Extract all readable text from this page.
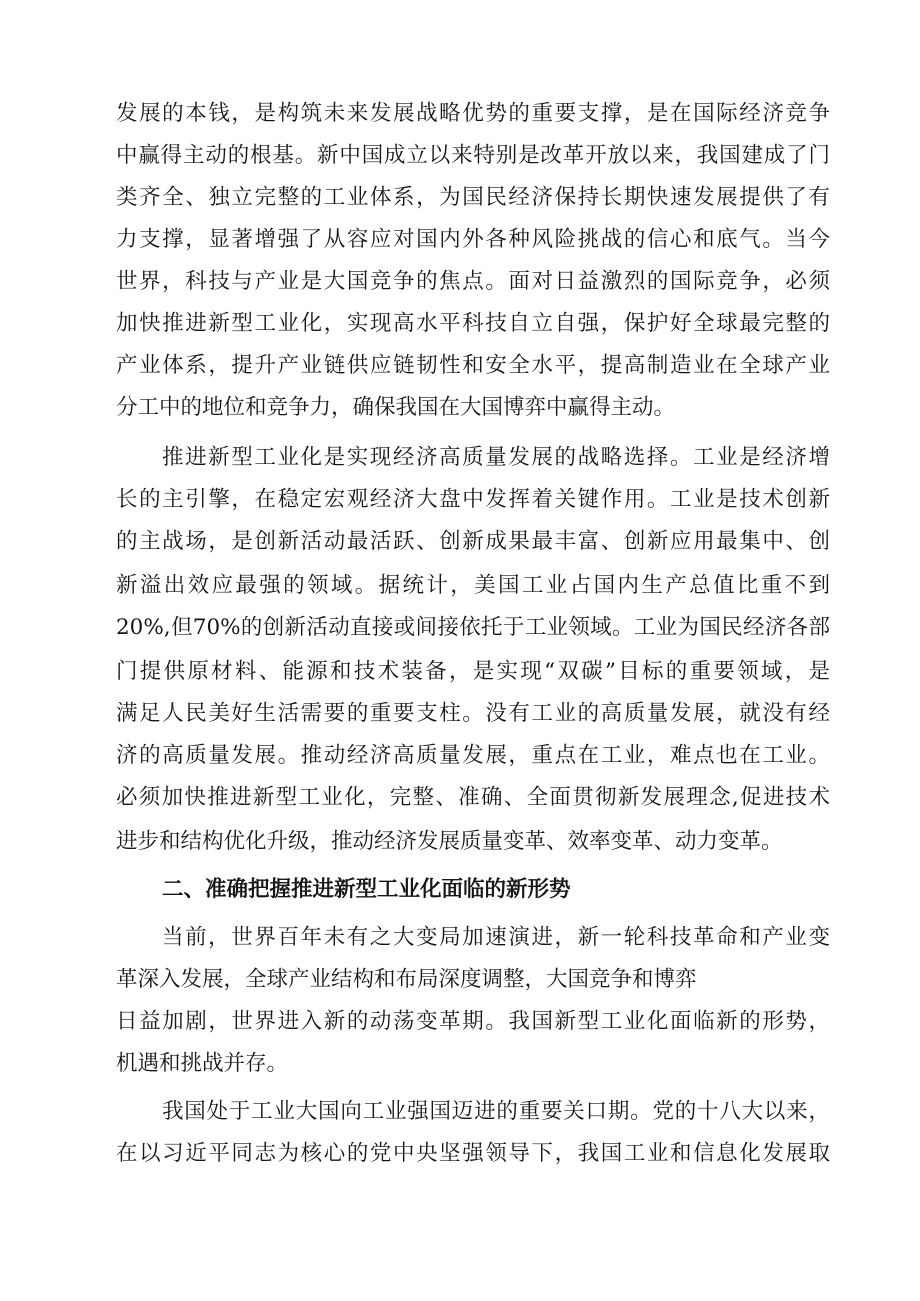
发展的本钱，是构筑未来发展战略优势的重要支撑，是在国际经济竞争

中赢得主动的根基。新中国成立以来特别是改革开放以来，我国建成了门

类齐全、独立完整的工业体系，为国民经济保持长期快速发展提供了有

力支撑，显著增强了从容应对国内外各种风险挑战的信心和底气。当今

世界，科技与产业是大国竞争的焦点。面对日益激烈的国际竞争，必须

加快推进新型工业化，实现高水平科技自立自强，保护好全球最完整的

产业体系，提升产业链供应链韧性和安全水平，提高制造业在全球产业

分工中的地位和竞争力，确保我国在大国博弈中赢得主动。

推进新型工业化是实现经济高质量发展的战略选择。工业是经济增

长的主引擎，在稳定宏观经济大盘中发挥着关键作用。工业是技术创新

的主战场，是创新活动最活跃、创新成果最丰富、创新应用最集中、创

新溢出效应最强的领域。据统计，美国工业占国内生产总值比重不到

20%,但70%的创新活动直接或间接依托于工业领域。工业为国民经济各部

门提供原材料、能源和技术装备，是实现“双碳”目标的重要领域，是

满足人民美好生活需要的重要支柱。没有工业的高质量发展，就没有经

济的高质量发展。推动经济高质量发展，重点在工业，难点也在工业。

必须加快推进新型工业化，完整、准确、全面贯彻新发展理念,促进技术

进步和结构优化升级，推动经济发展质量变革、效率变革、动力变革。

二、准确把握推进新型工业化面临的新形势

当前，世界百年未有之大变局加速演进，新一轮科技革命和产业变

革深入发展，全球产业结构和布局深度调整，大国竞争和博弈

日益加剧，世界进入新的动荡变革期。我国新型工业化面临新的形势，

机遇和挑战并存。

我国处于工业大国向工业强国迈进的重要关口期。党的十八大以来，

在以习近平同志为核心的党中央坚强领导下，我国工业和信息化发展取
